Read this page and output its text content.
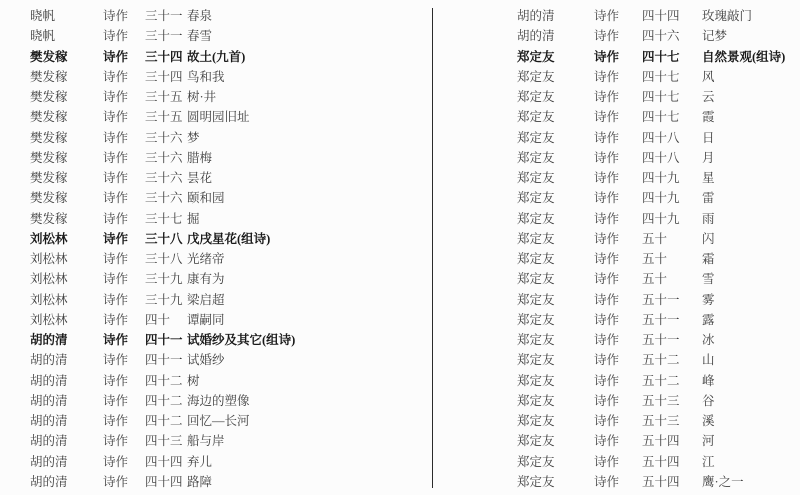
晓帆	诗作	三十一 春泉
晓帆	诗作	三十一 春雪
樊发稼	诗作	三十四 故土(九首)
樊发稼	诗作	三十四 鸟和我
樊发稼	诗作	三十五 树·井
樊发稼	诗作	三十五 圆明园旧址
樊发稼	诗作	三十六 梦
樊发稼	诗作	三十六 腊梅
樊发稼	诗作	三十六 昙花
樊发稼	诗作	三十六 颐和园
樊发稼	诗作	三十七 掘
刘松林	诗作	三十八 戊戌星花(组诗)
刘松林	诗作	三十八 光绪帝
刘松林	诗作	三十九 康有为
刘松林	诗作	三十九 梁启超
刘松林	诗作	四十	谭嗣同
胡的清	诗作	四十一 试婚纱及其它(组诗)
胡的清	诗作	四十一 试婚纱
胡的清	诗作	四十二 树
胡的清	诗作	四十二 海边的塑像
胡的清	诗作	四十二 回忆—长河
胡的清	诗作	四十三 船与岸
胡的清	诗作	四十四 弃儿
胡的清	诗作	四十四 路障
胡的清	诗作	四十四	玫瑰敲门
胡的清	诗作	四十六	记梦
郑定友	诗作	四十七	自然景观(组诗)
郑定友	诗作	四十七	风
郑定友	诗作	四十七	云
郑定友	诗作	四十七	霞
郑定友	诗作	四十八	日
郑定友	诗作	四十八	月
郑定友	诗作	四十九	星
郑定友	诗作	四十九	雷
郑定友	诗作	四十九	雨
郑定友	诗作	五十	闪
郑定友	诗作	五十	霜
郑定友	诗作	五十	雪
郑定友	诗作	五十一	雾
郑定友	诗作	五十一	露
郑定友	诗作	五十一	冰
郑定友	诗作	五十二	山
郑定友	诗作	五十二	峰
郑定友	诗作	五十三	谷
郑定友	诗作	五十三	溪
郑定友	诗作	五十四	河
郑定友	诗作	五十四	江
郑定友	诗作	五十四	鹰·之一
